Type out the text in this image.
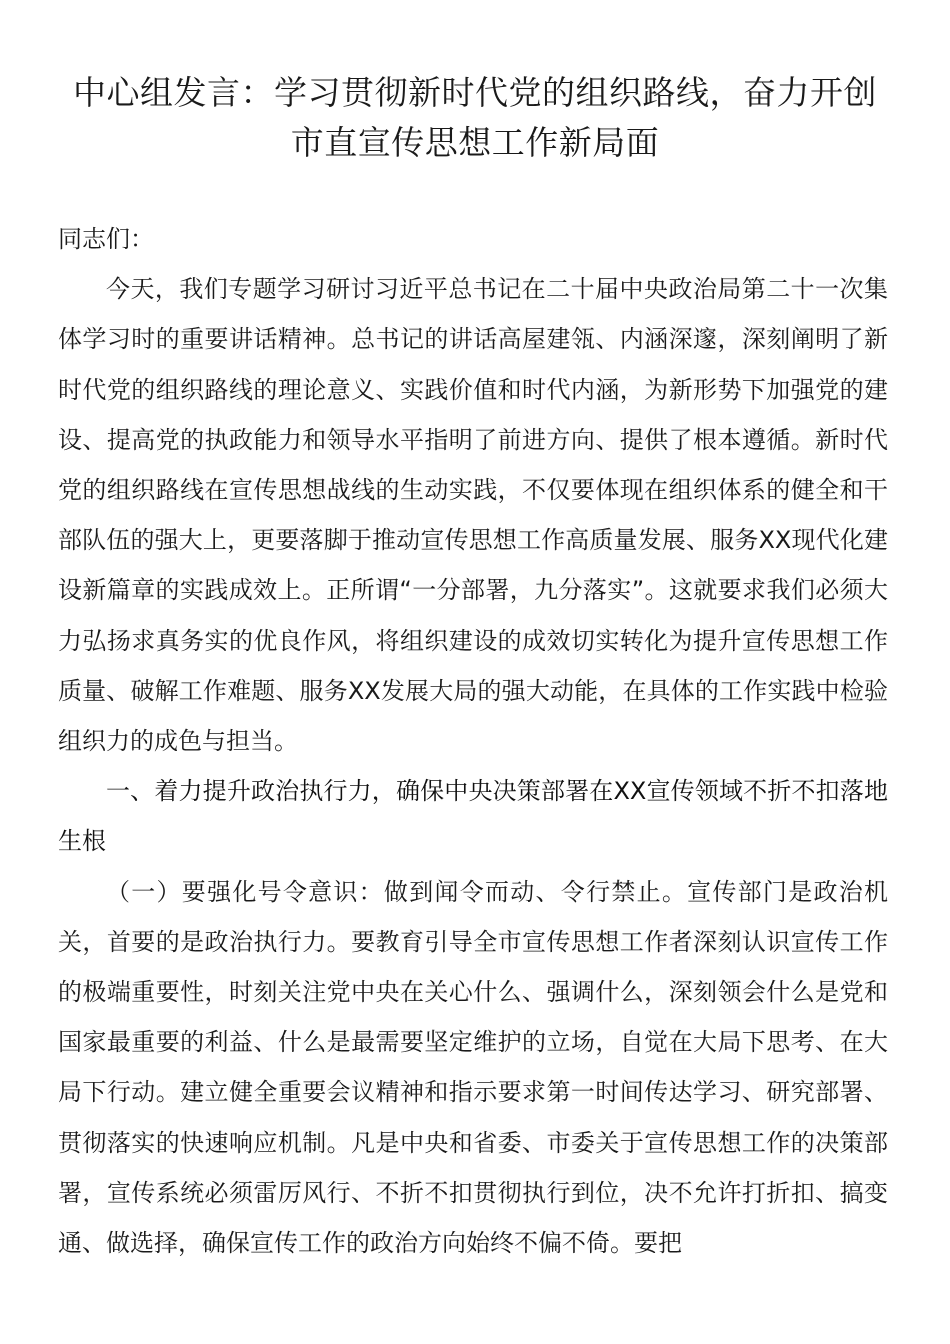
中心组发言：学习贯彻新时代党的组织路线，奋力开创市直宣传思想工作新局面

同志们：

今天，我们专题学习研讨习近平总书记在二十届中央政治局第二十一次集体学习时的重要讲话精神。总书记的讲话高屋建瓴、内涵深邃，深刻阐明了新时代党的组织路线的理论意义、实践价值和时代内涵，为新形势下加强党的建设、提高党的执政能力和领导水平指明了前进方向、提供了根本遵循。新时代党的组织路线在宣传思想战线的生动实践，不仅要体现在组织体系的健全和干部队伍的强大上，更要落脚于推动宣传思想工作高质量发展、服务XX现代化建设新篇章的实践成效上。正所谓“一分部署，九分落实”。这就要求我们必须大力弘扬求真务实的优良作风，将组织建设的成效切实转化为提升宣传思想工作质量、破解工作难题、服务XX发展大局的强大动能，在具体的工作实践中检验组织力的成色与担当。

一、着力提升政治执行力，确保中央决策部署在XX宣传领域不折不扣落地生根

（一）要强化号令意识：做到闻令而动、令行禁止。宣传部门是政治机关，首要的是政治执行力。要教育引导全市宣传思想工作者深刻认识宣传工作的极端重要性，时刻关注党中央在关心什么、强调什么，深刻领会什么是党和国家最重要的利益、什么是最需要坚定维护的立场，自觉在大局下思考、在大局下行动。建立健全重要会议精神和指示要求第一时间传达学习、研究部署、贯彻落实的快速响应机制。凡是中央和省委、市委关于宣传思想工作的决策部署，宣传系统必须雷厉风行、不折不扣贯彻执行到位，决不允许打折扣、搞变通、做选择，确保宣传工作的政治方向始终不偏不倚。要把
